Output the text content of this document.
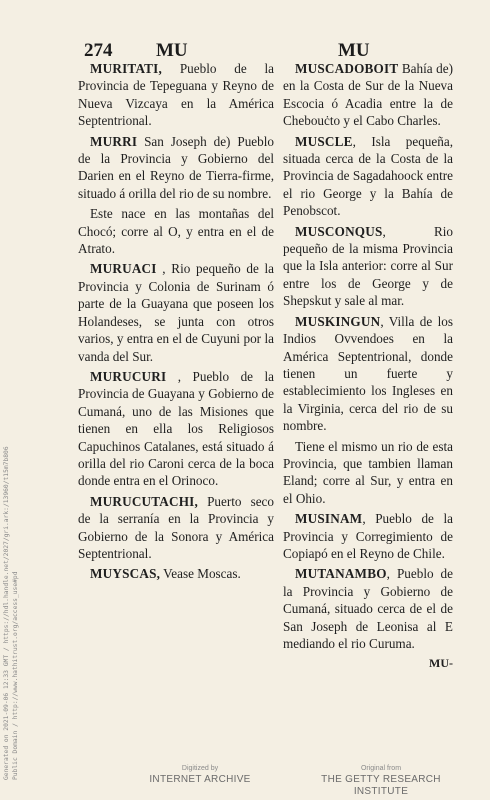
274 MU	MU

MURITATI, Pueblo de la Provincia de Tepeguana y Reyno de Nueva Vizcaya en la América Septentrional.

MURRI San Joseph de) Pueblo de la Provincia y Gobierno del Darien en el Reyno de Tierra-firme, situado á orilla del rio de su nombre.

Este nace en las montañas del Chocó; corre al O, y entra en el de Atrato.

MURUACI , Rio pequeño de la Provincia y Colonia de Surinam ó parte de la Guayana que poseen los Holandeses, se junta con otros varios, y entra en el de Cuyuni por la vanda del Sur.

MURUCURI , Pueblo de la Provincia de Guayana y Gobierno de Cumaná, uno de las Misiones que tienen en ella los Religiosos Capuchinos Catalanes, está situado á orilla del rio Caroni cerca de la boca donde entra en el Orinoco.

MURUCUTACHI, Puerto seco de la serranía en la Provincia y Gobierno de la Sonora y América Septentrional.

MUYSCAS, Vease Moscas.

MUSCADOBOIT Bahía de) en la Costa de Sur de la Nueva Escocia ó Acadia entre la de Chebouċto y el Cabo Charles.

MUSCLE, Isla pequeña, situada cerca de la Costa de la Provincia de Sagadahoock entre el rio George y la Bahía de Penobscot.

MUSCONQUS, Rio pequeño de la misma Provincia que la Isla anterior: corre al Sur entre los de George y de Shepskut y sale al mar.

MUSKINGUN, Villa de los Indios Ovvendoes en la América Septentrional, donde tienen un fuerte y establecimiento los Ingleses en la Virginia, cerca del rio de su nombre.

Tiene el mismo un rio de esta Provincia, que tambien llaman Eland; corre al Sur, y entra en el Ohio.

MUSINAM, Pueblo de la Provincia y Corregimiento de Copiapó en el Reyno de Chile.

MUTANAMBO, Pueblo de la Provincia y Gobierno de Cumaná, situado cerca de el de San Joseph de Leonisa al E mediando el rio Curuma.

MU-
Generated on 2021-09-06 12:33 GMT / https://hdl.handle.net/2027/gri.ark:/13960/t15m7b806 Public Domain / http://www.hathitrust.org/access_use#pd	Digitized by
INTERNET ARCHIVE
Original from
THE GETTY RESEARCH INSTITUTE
